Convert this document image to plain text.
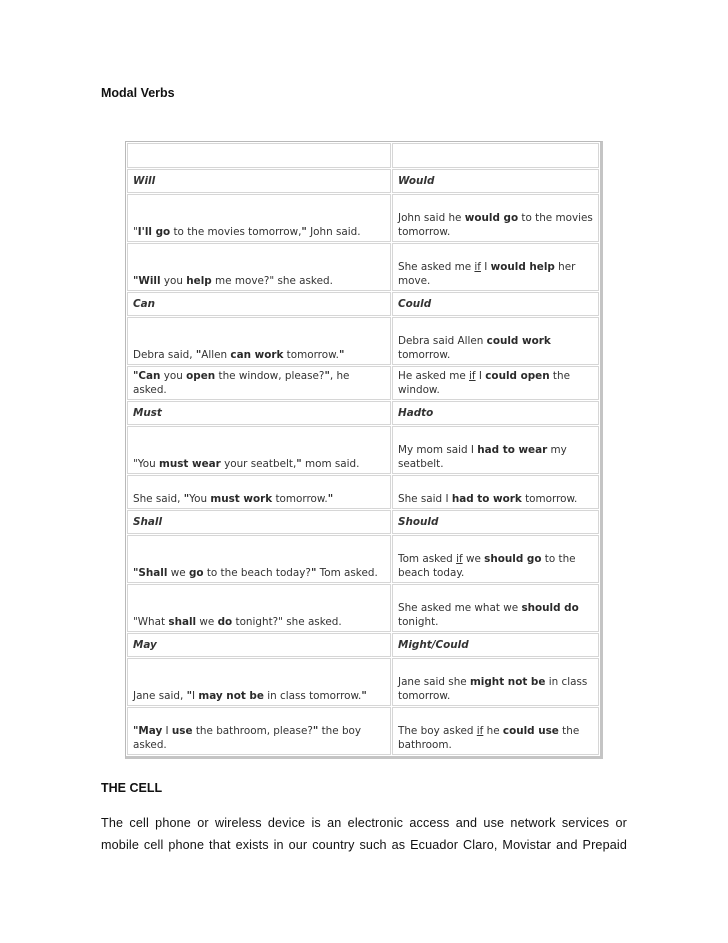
Modal Verbs

Will	Would

"I'll go to the movies tomorrow," John said.	John said he would go to the movies tomorrow.

"Will you help me move?" she asked.	She asked me if I would help her move.

Can	Could

Debra said, "Allen can work tomorrow."	Debra said Allen could work tomorrow.

"Can you open the window, please?", he asked.	He asked me if I could open the window.

Must	Hadto

"You must wear your seatbelt," mom said.	My mom said I had to wear my seatbelt.

She said, "You must work tomorrow."	She said I had to work tomorrow.

Shall	Should

"Shall we go to the beach today?" Tom asked.	Tom asked if we should go to the beach today.

"What shall we do tonight?" she asked.	She asked me what we should do tonight.

May	Might/Could

Jane said, "I may not be in class tomorrow."	Jane said she might not be in class tomorrow.

"May I use the bathroom, please?" the boy asked.	The boy asked if he could use the bathroom.
THE CELL
The cell phone or wireless device is an electronic access and use network services or
mobile cell phone that exists in our country such as Ecuador Claro, Movistar and Prepaid
